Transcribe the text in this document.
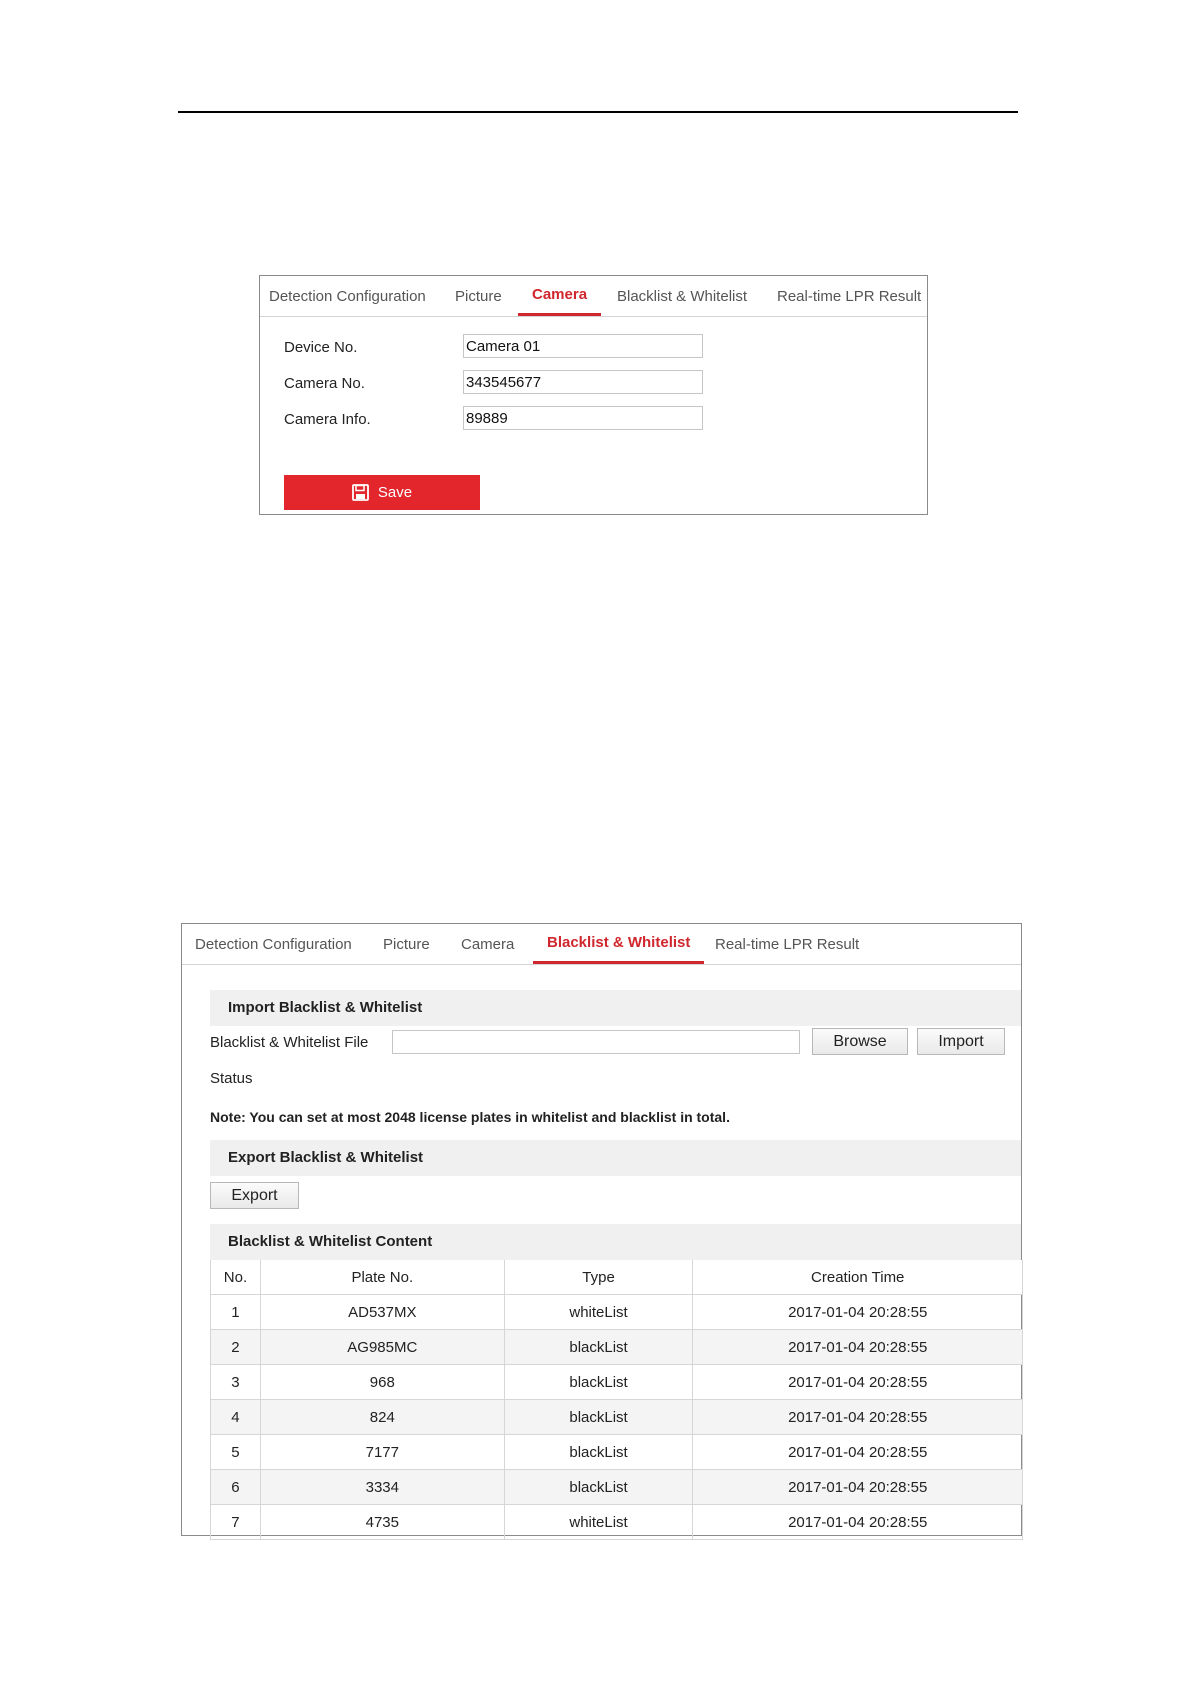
Detection Configuration Picture Camera Blacklist & Whitelist Real-time LPR Result
Device No.
Camera 01
Camera No.
343545677
Camera Info.
89889
Save
Detection Configuration Picture Camera Blacklist & Whitelist Real-time LPR Result
Import Blacklist & Whitelist
Blacklist & Whitelist File	Browse	Import
Status
Note: You can set at most 2048 license plates in whitelist and blacklist in total.
Export Blacklist & Whitelist
Export
Blacklist & Whitelist Content
No.	Plate No.	Type	Creation Time
1	AD537MX	whiteList	2017-01-04 20:28:55
2	AG985MC	blackList	2017-01-04 20:28:55
3	968	blackList	2017-01-04 20:28:55
4	824	blackList	2017-01-04 20:28:55
5	7177	blackList	2017-01-04 20:28:55
6	3334	blackList	2017-01-04 20:28:55
7	4735	whiteList	2017-01-04 20:28:55
